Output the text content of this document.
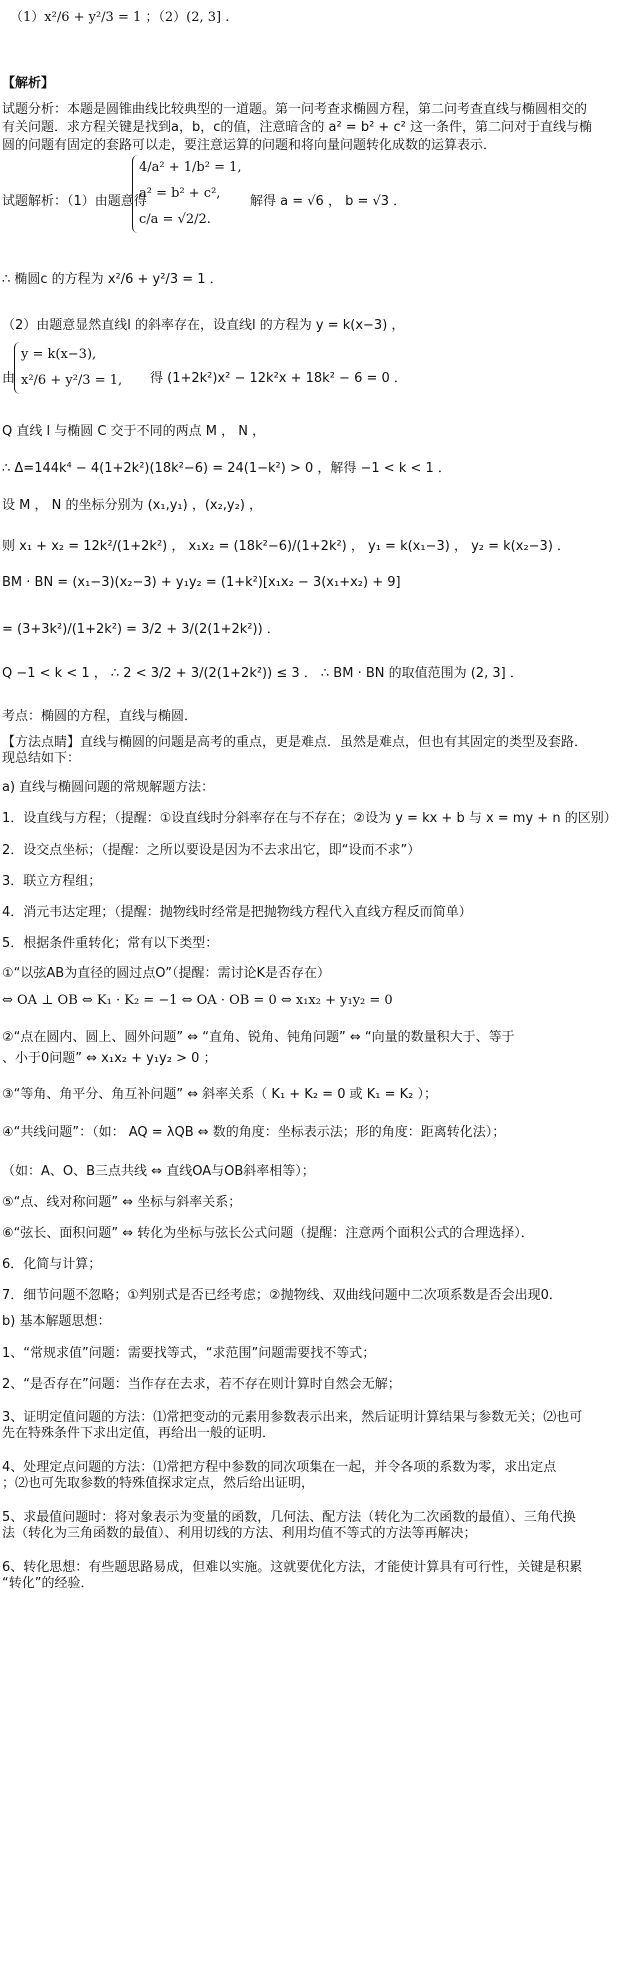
（1）x²/6 + y²/3 = 1 ；（2）(2, 3] .
【解析】
试题分析：本题是圆锥曲线比较典型的一道题。第一问考查求椭圆方程，第二问考查直线与椭圆相交的
有关问题．求方程关键是找到a，b，c的值，注意暗含的 a² = b² + c² 这一条件，第二问对于直线与椭
圆的问题有固定的套路可以走，要注意运算的问题和将向量问题转化成数的运算表示．
试题解析：（1）由题意得
4/a² + 1/b² = 1,
a² = b² + c²,
c/a = √2/2.
解得 a = √6 ， b = √3 ．
∴ 椭圆c 的方程为 x²/6 + y²/3 = 1 ．
（2）由题意显然直线l 的斜率存在，设直线l 的方程为 y = k(x−3) ，
由
y = k(x−3),
x²/6 + y²/3 = 1, 得 (1+2k²)x² − 12k²x + 18k² − 6 = 0 ．
Q 直线 l 与椭圆 C 交于不同的两点 M ， N ，
∴ Δ=144k⁴ − 4(1+2k²)(18k²−6) = 24(1−k²) > 0 ，解得 −1 < k < 1 ．
设 M ， N 的坐标分别为 (x₁,y₁) ，(x₂,y₂) ，
则 x₁ + x₂ = 12k²/(1+2k²) ， x₁x₂ = (18k²−6)/(1+2k²) ， y₁ = k(x₁−3) ， y₂ = k(x₂−3) ．
BM · BN = (x₁−3)(x₂−3) + y₁y₂ = (1+k²)[x₁x₂ − 3(x₁+x₂) + 9]
= (3+3k²)/(1+2k²) = 3/2 + 3/(2(1+2k²)) ．
Q −1 < k < 1 ， ∴ 2 < 3/2 + 3/(2(1+2k²)) ≤ 3 ． ∴ BM · BN 的取值范围为 (2, 3] ．
考点：椭圆的方程，直线与椭圆．
【方法点睛】直线与椭圆的问题是高考的重点，更是难点．虽然是难点，但也有其固定的类型及套路．
现总结如下：
a) 直线与椭圆问题的常规解题方法：
1．设直线与方程；（提醒：①设直线时分斜率存在与不存在；②设为 y = kx + b 与 x = my + n 的区别）
2．设交点坐标；（提醒：之所以要设是因为不去求出它，即“设而不求”）
3．联立方程组；
4．消元韦达定理；（提醒：抛物线时经常是把抛物线方程代入直线方程反而简单）
5．根据条件重转化；常有以下类型：
①“以弦AB为直径的圆过点O”（提醒：需讨论K是否存在）
⇔ OA ⊥ OB ⇔ K₁ · K₂ = −1 ⇔ OA · OB = 0 ⇔ x₁x₂ + y₁y₂ = 0
②“点在圆内、圆上、圆外问题” ⇔ “直角、锐角、钝角问题” ⇔ “向量的数量积大于、等于
、小于0问题” ⇔ x₁x₂ + y₁y₂ > 0 ；
③“等角、角平分、角互补问题” ⇔ 斜率关系（ K₁ + K₂ = 0 或 K₁ = K₂ ）；
④“共线问题”：（如： AQ = λQB ⇔ 数的角度：坐标表示法；形的角度：距离转化法）；
（如：A、O、B三点共线 ⇔ 直线OA与OB斜率相等）；
⑤“点、线对称问题” ⇔ 坐标与斜率关系；
⑥“弦长、面积问题” ⇔ 转化为坐标与弦长公式问题（提醒：注意两个面积公式的合理选择）．
6．化简与计算；
7．细节问题不忽略；①判别式是否已经考虑；②抛物线、双曲线问题中二次项系数是否会出现0．
b) 基本解题思想：
1、“常规求值”问题：需要找等式，“求范围”问题需要找不等式；
2、“是否存在”问题：当作存在去求，若不存在则计算时自然会无解；
3、证明定值问题的方法：⑴常把变动的元素用参数表示出来，然后证明计算结果与参数无关；⑵也可
先在特殊条件下求出定值，再给出一般的证明．
4、处理定点问题的方法：⑴常把方程中参数的同次项集在一起，并令各项的系数为零，求出定点
；⑵也可先取参数的特殊值探求定点，然后给出证明，
5、求最值问题时：将对象表示为变量的函数，几何法、配方法（转化为二次函数的最值）、三角代换
法（转化为三角函数的最值）、利用切线的方法、利用均值不等式的方法等再解决；
6、转化思想：有些题思路易成，但难以实施。这就要优化方法，才能使计算具有可行性，关键是积累
“转化”的经验．
